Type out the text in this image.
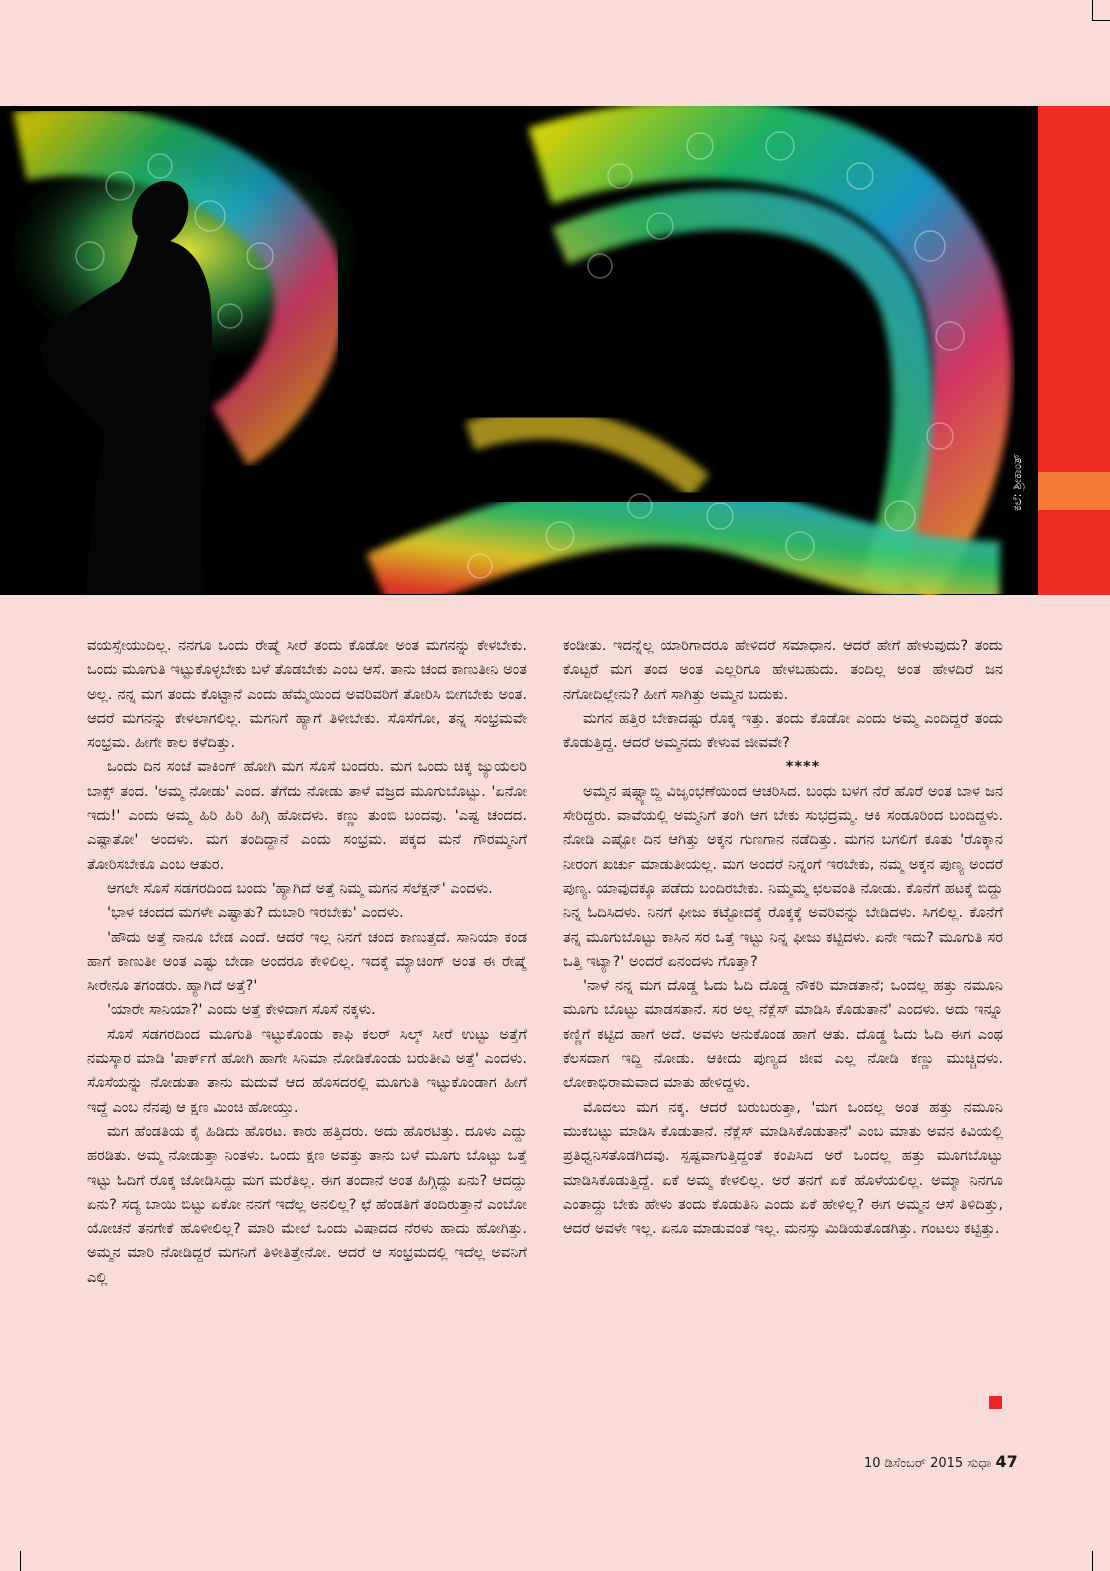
ಕಲೆ: ಶ್ರೀಕಾಂತ್

ವಯಸ್ಸೇಯುದಿಲ್ಲ. ನನಗೂ ಒಂದು ರೇಷ್ಮೆ ಸೀರೆ ತಂದು ಕೊಡೋ ಅಂತ ಮಗನನ್ನು ಕೇಳಬೇಕು. ಒಂದು ಮೂಗುತಿ ಇಟ್ಟುಕೊಳ್ಳಬೇಕು ಬಳೆ ತೊಡಬೇಕು ಎಂಬ ಆಸೆ. ತಾನು ಚಂದ ಕಾಣುತೀನಿ ಅಂತ ಅಲ್ಲ. ನನ್ನ ಮಗ ತಂದು ಕೊಟ್ಟಾನೆ ಎಂದು ಹೆಮ್ಮೆಯಿಂದ ಅವರಿವರಿಗೆ ತೋರಿಸಿ ಬೀಗಬೇಕು ಅಂತ. ಆದರೆ ಮಗನನ್ನು ಕೇಳಲಾಗಲಿಲ್ಲ. ಮಗನಿಗೆ ಹ್ಯಾಗೆ ತಿಳೀಬೇಕು. ಸೊಸೆಗೋ, ತನ್ನ ಸಂಭ್ರಮವೇ ಸಂಭ್ರಮ. ಹೀಗೇ ಕಾಲ ಕಳೆದಿತ್ತು.

ಒಂದು ದಿನ ಸಂಜೆ ವಾಕಿಂಗ್ ಹೋಗಿ ಮಗ ಸೊಸೆ ಬಂದರು. ಮಗ ಒಂದು ಚಿಕ್ಕ ಜ್ಯುಯಲರಿ ಬಾಕ್ಸ್ ತಂದ. 'ಅಮ್ಮ ನೋಡು' ಎಂದ. ತೆಗೆದು ನೋಡು ತಾಳೆ ವಜ್ರದ ಮೂಗುಬೊಟ್ಟು. 'ಏನೋ ಇದು!' ಎಂದು ಅಮ್ಮ ಹಿರಿ ಹಿರಿ ಹಿಗ್ಗಿ ಹೋದಳು. ಕಣ್ಣು ತುಂಬಿ ಬಂದವು. 'ಎಷ್ಟ ಚಂದದ. ಎಷ್ಟಾತೋ' ಅಂದಳು. ಮಗ ತಂದಿದ್ದಾನೆ ಎಂದು ಸಂಭ್ರಮ. ಪಕ್ಕದ ಮನೆ ಗೌರಮ್ಮನಿಗೆ ತೋರಿಸಬೇಕೂ ಎಂಬ ಆತುರ.

ಆಗಲೇ ಸೊಸೆ ಸಡಗರದಿಂದ ಬಂದು 'ಹ್ಯಾಗಿದೆ ಅತ್ತೆ ನಿಮ್ಮ ಮಗನ ಸೆಲೆಕ್ಷನ್' ಎಂದಳು.

'ಭಾಳ ಚಂದದ ಮಗಳೇ ಎಷ್ಟಾತು? ದುಬಾರಿ ಇರಬೇಕು' ಎಂದಳು.

'ಹೌದು ಅತ್ತೆ ನಾನೂ ಬೇಡ ಎಂದೆ. ಆದರೆ ಇಲ್ಲ ನಿನಗೆ ಚಂದ ಕಾಣುತ್ತದೆ. ಸಾನಿಯಾ ಕಂಡ ಹಾಗೆ ಕಾಣುತೀ ಅಂತ ಎಷ್ಟು ಬೇಡಾ ಅಂದರೂ ಕೇಳಿಲಿಲ್ಲ. ಇದಕ್ಕೆ ಮ್ಯಾಚಿಂಗ್ ಅಂತ ಈ ರೇಷ್ಮೆ ಸೀರೇನೂ ತಗಂಡರು. ಹ್ಯಾಗಿದೆ ಅತ್ತೆ?'

'ಯಾರೇ ಸಾನಿಯಾ?' ಎಂದು ಅತ್ತೆ ಕೇಳಿದಾಗ ಸೊಸೆ ನಕ್ಕಳು.

ಸೊಸೆ ಸಡಗರದಿಂದ ಮೂಗುತಿ ಇಟ್ಟುಕೊಂಡು ಕಾಫಿ ಕಲರ್ ಸಿಲ್ಕ್ ಸೀರೆ ಉಟ್ಟು ಅತ್ತೆಗೆ ನಮಸ್ಕಾರ ಮಾಡಿ 'ಪಾರ್ಕ್‌ಗೆ ಹೋಗಿ ಹಾಗೇ ಸಿನಿಮಾ ನೋಡಿಕೊಂಡು ಬರುತೀವಿ ಅತ್ತೆ' ಎಂದಳು. ಸೊಸೆಯನ್ನು ನೋಡುತಾ ತಾನು ಮದುವೆ ಆದ ಹೊಸದರಲ್ಲಿ ಮೂಗುತಿ ಇಟ್ಟುಕೊಂಡಾಗ ಹೀಗೆ ಇದ್ದೆ ಎಂಬ ನೆನಪು ಆ ಕ್ಷಣ ಮಿಂಚಿ ಹೋಯ್ತು.

ಮಗ ಹೆಂಡತಿಯ ಕೈ ಹಿಡಿದು ಹೊರಟ. ಕಾರು ಹತ್ತಿದರು. ಅದು ಹೊರಟಿತ್ತು. ದೂಳು ಎದ್ದು ಹರಡಿತು. ಅಮ್ಮ ನೋಡುತ್ತಾ ನಿಂತಳು. ಒಂದು ಕ್ಷಣ ಅವತ್ತು ತಾನು ಬಳೆ ಮೂಗು ಬೊಟ್ಟು ಒತ್ತೆ ಇಟ್ಟು ಓದಿಗೆ ರೊಕ್ಕ ಜೋಡಿಸಿದ್ದು ಮಗ ಮರೆತಿಲ್ಲ. ಈಗ ತಂದಾನೆ ಅಂತ ಹಿಗ್ಗಿದ್ದು ಏನು? ಆದದ್ದು ಏನು? ಸದ್ಯ ಬಾಯಿ ಬಿಟ್ಟು ಏಕೋ ನನಗೆ ಇದೆಲ್ಲ ಅನಲಿಲ್ಲ? ಛೆ ಹೆಂಡತಿಗೆ ತಂದಿರುತ್ತಾನೆ ಎಂಬೋ ಯೋಚನೆ ತನಗೇಕೆ ಹೊಳೀಲಿಲ್ಲ? ಮಾರಿ ಮೇಲೆ ಒಂದು ವಿಷಾದದ ನೆರಳು ಹಾದು ಹೋಗಿತ್ತು. ಅಮ್ಮನ ಮಾರಿ ನೋಡಿದ್ದರೆ ಮಗನಿಗೆ ತಿಳೀತಿತ್ತೇನೋ. ಆದರೆ ಆ ಸಂಭ್ರಮದಲ್ಲಿ ಇದೆಲ್ಲ ಅವನಿಗೆ ಎಲ್ಲಿ

ಕಂಡೀತು. ಇದನ್ನೆಲ್ಲ ಯಾರಿಗಾದರೂ ಹೇಳಿದರೆ ಸಮಾಧಾನ. ಆದರೆ ಹೇಗೆ ಹೇಳುವುದು? ತಂದು ಕೊಟ್ಟರೆ ಮಗ ತಂದ ಅಂತ ಎಲ್ಲರಿಗೂ ಹೇಳಬಹುದು. ತಂದಿಲ್ಲ ಅಂತ ಹೇಳದಿರೆ ಜನ ನಗೋದಿಲ್ಲೇನು? ಹೀಗೆ ಸಾಗಿತ್ತು ಅಮ್ಮನ ಬದುಕು.

ಮಗನ ಹತ್ತಿರ ಬೇಕಾದಷ್ಟು ರೊಕ್ಕ ಇತ್ತು. ತಂದು ಕೊಡೋ ಎಂದು ಅಮ್ಮ ಎಂದಿದ್ದರೆ ತಂದು ಕೊಡುತ್ತಿದ್ದ. ಆದರೆ ಅಮ್ಮನದು ಕೇಳುವ ಜೀವವೇ?

****

ಅಮ್ಮನ ಷಷ್ಟ್ಯಾಬ್ದಿ ವಿಜೃಂಭಣೆಯಿಂದ ಆಚರಿಸಿದ. ಬಂಧು ಬಳಗ ನೆರೆ ಹೊರೆ ಅಂತ ಬಾಳ ಜನ ಸೇರಿದ್ದರು. ವಾವೆಯಲ್ಲಿ ಅಮ್ಮನಿಗೆ ತಂಗಿ ಆಗ ಬೇಕು ಸುಭದ್ರಮ್ಮ. ಆಕಿ ಸಂಡೂರಿಂದ ಬಂದಿದ್ದಳು. ನೋಡಿ ಎಷ್ಟೋ ದಿನ ಆಗಿತ್ತು ಅಕ್ಕನ ಗುಣಗಾನ ನಡೆದಿತ್ತು. ಮಗನ ಬಗಲಿಗೆ ಕೂತು 'ರೊಕ್ಕಾನ ನೀರಂಗ ಖರ್ಚು ಮಾಡುತೀಯಲ್ಲ. ಮಗ ಅಂದರೆ ನಿನ್ನಂಗೆ ಇರಬೇಕು, ನಮ್ಮ ಅಕ್ಕನ ಪುಣ್ಯ ಅಂದರೆ ಪುಣ್ಯ. ಯಾವುದಕ್ಕೂ ಪಡೆದು ಬಂದಿರಬೇಕು. ನಿಮ್ಮಮ್ಮ ಛಲವಂತಿ ನೋಡು. ಕೊನೆಗೆ ಹಟಕ್ಕೆ ಬಿದ್ದು ನಿನ್ನ ಓದಿಸಿದಳು. ನಿನಗೆ ಫೀಜು ಕಟ್ಟೋದಕ್ಕೆ ರೊಕ್ಕಕ್ಕೆ ಅವರಿವನ್ನು ಬೇಡಿದಳು. ಸಿಗಲಿಲ್ಲ. ಕೊನೆಗೆ ತನ್ನ ಮೂಗುಬೊಟ್ಟು ಕಾಸಿನ ಸರ ಒತ್ತೆ ಇಟ್ಟು ನಿನ್ನ ಫೀಜು ಕಟ್ಟಿದಳು. ಏನೇ ಇದು? ಮೂಗುತಿ ಸರ ಒತ್ತಿ ಇಟ್ಯಾ?' ಅಂದರೆ ಏನಂದಳು ಗೊತ್ತಾ?

'ನಾಳೆ ನನ್ನ ಮಗ ದೊಡ್ಡ ಓದು ಓದಿ ದೊಡ್ಡ ನೌಕರಿ ಮಾಡತಾನೆ; ಒಂದಲ್ಲ ಹತ್ತು ನಮೂನಿ ಮೂಗು ಬೊಟ್ಟು ಮಾಡಸತಾನೆ. ಸರ ಅಲ್ಲ ನೆಕ್ಲೆಸ್ ಮಾಡಿಸಿ ಕೊಡುತಾನೆ' ಎಂದಳು. ಅದು ಇನ್ನೂ ಕಣ್ಣಿಗೆ ಕಟ್ಟಿದ ಹಾಗೆ ಅದೆ. ಅವಳು ಅನುಕೊಂಡ ಹಾಗೆ ಆತು. ದೊಡ್ಡ ಓದು ಓದಿ ಈಗ ಎಂಥ ಕೆಲಸದಾಗ ಇದ್ದಿ ನೋಡು. ಆಕೀದು ಪುಣ್ಯದ ಜೀವ ಎಲ್ಲ ನೋಡಿ ಕಣ್ಣು ಮುಚ್ಚಿದಳು. ಲೋಕಾಭಿರಾಮವಾದ ಮಾತು ಹೇಳಿದ್ದಳು.

ಮೊದಲು ಮಗ ನಕ್ಕ. ಆದರೆ ಬರುಬರುತ್ತಾ, 'ಮಗ ಒಂದಲ್ಲ ಅಂತ ಹತ್ತು ನಮೂನಿ ಮುಕಬಟ್ಟು ಮಾಡಿಸಿ ಕೊಡುತಾನೆ. ನೆಕ್ಲೆಸ್ ಮಾಡಿಸಿಕೊಡುತಾನೆ' ಎಂಬ ಮಾತು ಅವನ ಕಿವಿಯಲ್ಲಿ ಪ್ರತಿಧ್ವನಿಸತೊಡಗಿದವು. ಸ್ಪಷ್ಟವಾಗುತ್ತಿದ್ದಂತೆ ಕಂಪಿಸಿದ ಅರೆ ಒಂದಲ್ಲ ಹತ್ತು ಮೂಗಬೊಟ್ಟು ಮಾಡಿಸಿಕೊಡುತ್ತಿದ್ದೆ. ಏಕೆ ಅಮ್ಮ ಕೇಳಲಿಲ್ಲ. ಅರೆ ತನಗೆ ಏಕೆ ಹೊಳೆಯಲಿಲ್ಲ. ಅಮ್ಮಾ ನಿನಗೂ ಎಂತಾದ್ದು ಬೇಕು ಹೇಳು ತಂದು ಕೊಡುತಿನಿ ಎಂದು ಏಕೆ ಹೇಳಿಲ್ಲ? ಈಗ ಅಮ್ಮನ ಆಸೆ ತಿಳಿದಿತ್ತು, ಆದರೆ ಅವಳೇ ಇಲ್ಲ. ಏನೂ ಮಾಡುವಂತೆ ಇಲ್ಲ. ಮನಸ್ಸು ಮಿಡಿಯತೊಡಗಿತ್ತು. ಗಂಟಲು ಕಟ್ಟಿತ್ತು.

10 ಡಿಸೆಂಬರ್ 2015 ಸುಧಾ 47
